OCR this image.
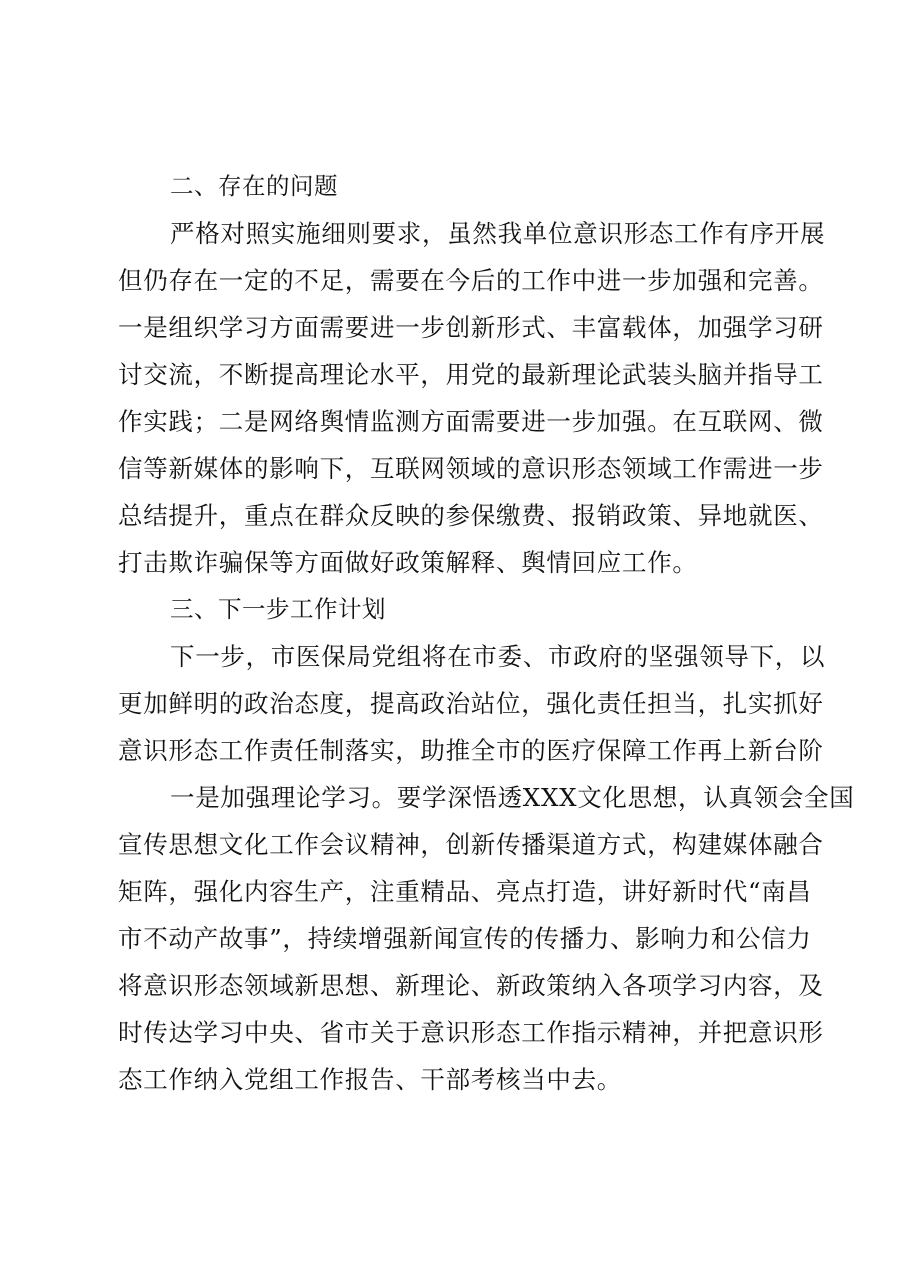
二、存在的问题
严格对照实施细则要求，虽然我单位意识形态工作有序开展
但仍存在一定的不足，需要在今后的工作中进一步加强和完善。
一是组织学习方面需要进一步创新形式、丰富载体，加强学习研
讨交流，不断提高理论水平，用党的最新理论武装头脑并指导工
作实践；二是网络舆情监测方面需要进一步加强。在互联网、微
信等新媒体的影响下，互联网领域的意识形态领域工作需进一步
总结提升，重点在群众反映的参保缴费、报销政策、异地就医、
打击欺诈骗保等方面做好政策解释、舆情回应工作。
三、下一步工作计划
下一步，市医保局党组将在市委、市政府的坚强领导下，以
更加鲜明的政治态度，提高政治站位，强化责任担当，扎实抓好
意识形态工作责任制落实，助推全市的医疗保障工作再上新台阶
一是加强理论学习。要学深悟透XXX文化思想，认真领会全国
宣传思想文化工作会议精神，创新传播渠道方式，构建媒体融合
矩阵，强化内容生产，注重精品、亮点打造，讲好新时代“南昌
市不动产故事”，持续增强新闻宣传的传播力、影响力和公信力
将意识形态领域新思想、新理论、新政策纳入各项学习内容，及
时传达学习中央、省市关于意识形态工作指示精神，并把意识形
态工作纳入党组工作报告、干部考核当中去。
